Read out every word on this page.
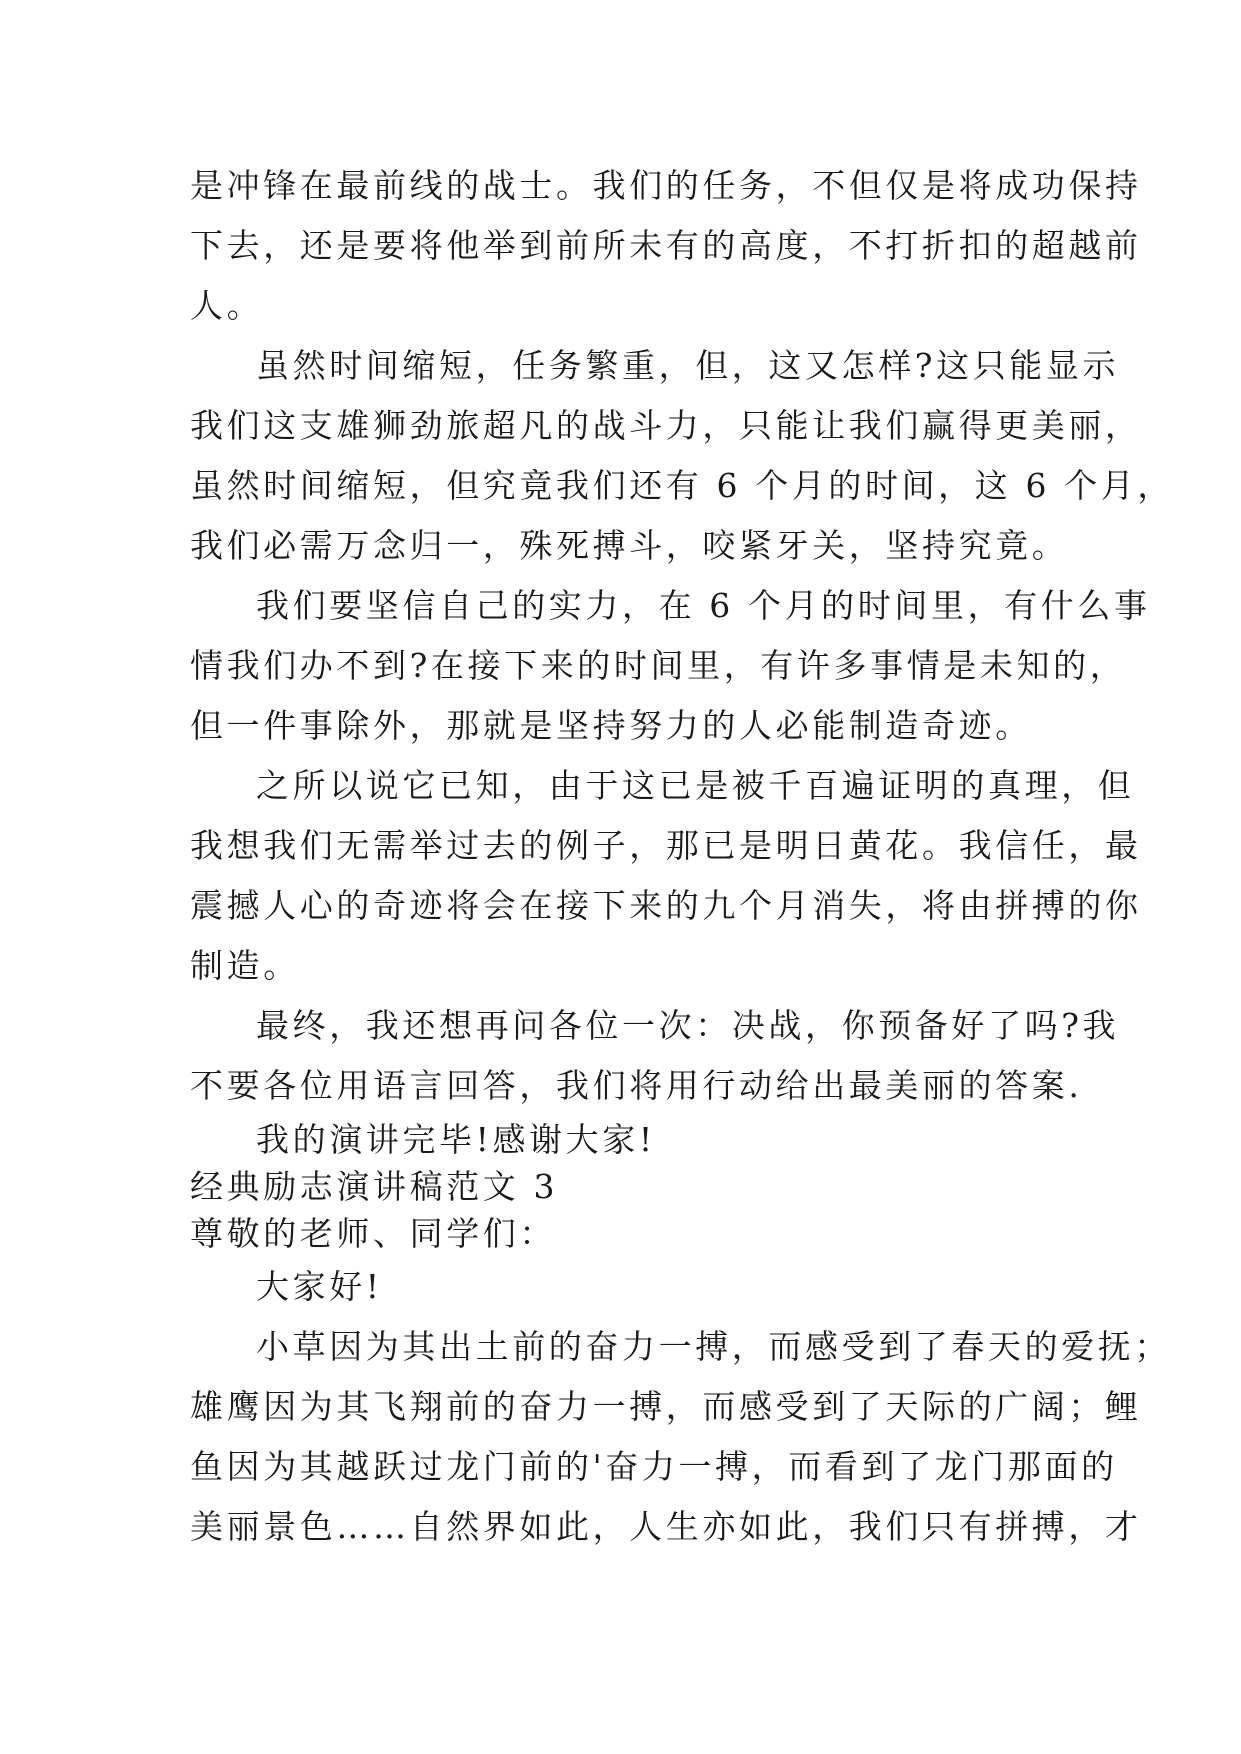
是冲锋在最前线的战士。我们的任务，不但仅是将成功保持
下去，还是要将他举到前所未有的高度，不打折扣的超越前
人。
虽然时间缩短，任务繁重，但，这又怎样?这只能显示
我们这支雄狮劲旅超凡的战斗力，只能让我们赢得更美丽，
虽然时间缩短，但究竟我们还有 6 个月的时间，这 6 个月，
我们必需万念归一，殊死搏斗，咬紧牙关，坚持究竟。
我们要坚信自己的实力，在 6 个月的时间里，有什么事
情我们办不到?在接下来的时间里，有许多事情是未知的，
但一件事除外，那就是坚持努力的人必能制造奇迹。
之所以说它已知，由于这已是被千百遍证明的真理，但
我想我们无需举过去的例子，那已是明日黄花。我信任，最
震撼人心的奇迹将会在接下来的九个月消失，将由拼搏的你
制造。
最终，我还想再问各位一次：决战，你预备好了吗?我
不要各位用语言回答，我们将用行动给出最美丽的答案.
我的演讲完毕!感谢大家!
经典励志演讲稿范文 3
尊敬的老师、同学们：
大家好!
小草因为其出土前的奋力一搏，而感受到了春天的爱抚；
雄鹰因为其飞翔前的奋力一搏，而感受到了天际的广阔；鲤
鱼因为其越跃过龙门前的'奋力一搏，而看到了龙门那面的
美丽景色……自然界如此，人生亦如此，我们只有拼搏，才
